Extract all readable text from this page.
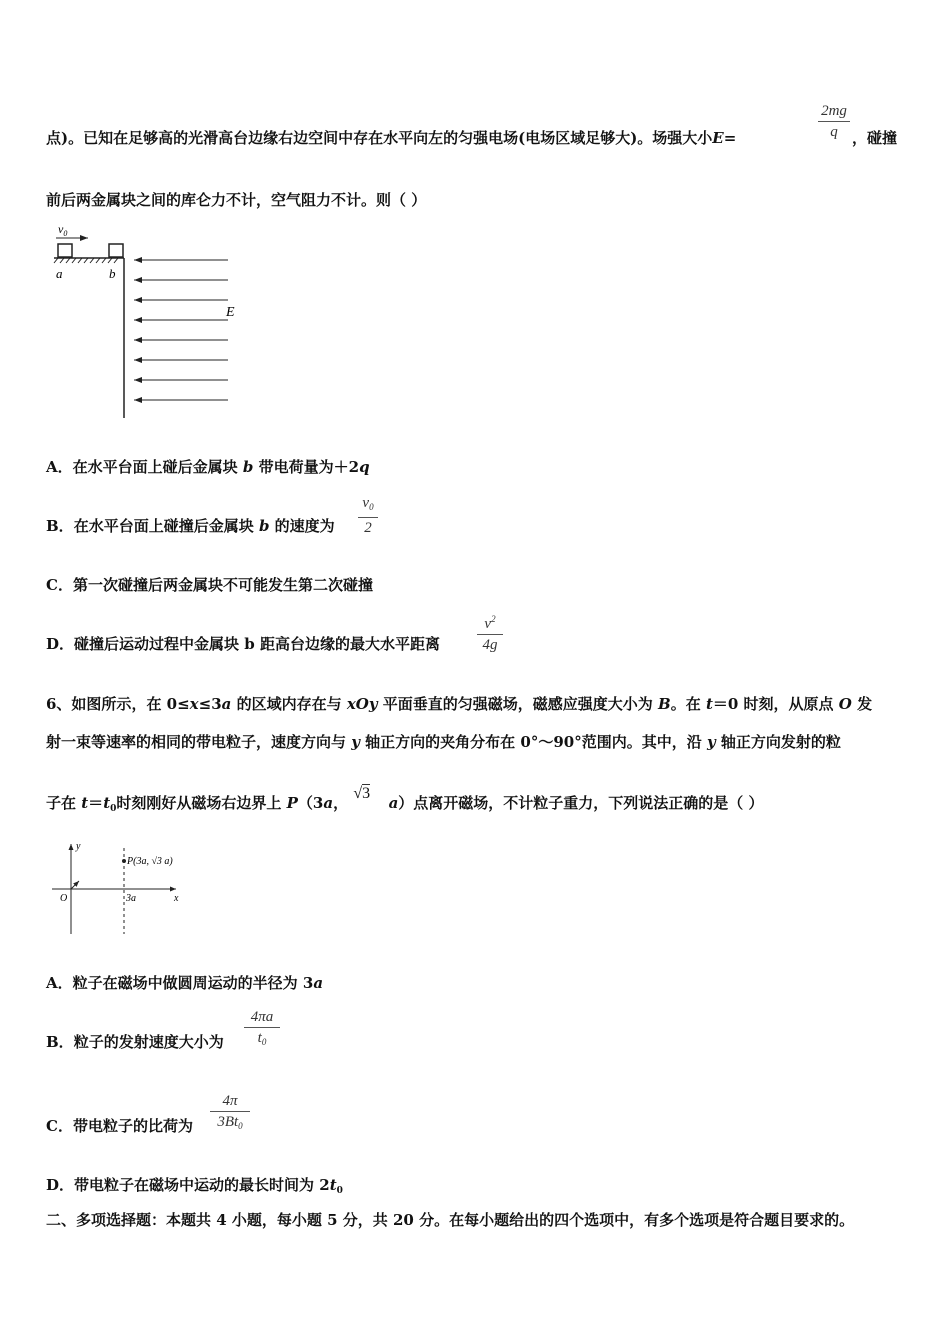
点)。已知在足够高的光滑高台边缘右边空间中存在水平向左的匀强电场(电场区域足够大)。场强大小E=
2mg
q ，碰撞
前后两金属块之间的库仑力不计，空气阻力不计。则（ ）
$v_0$
a	b
E
A．在水平台面上碰后金属块 b 带电荷量为＋2q
B．在水平台面上碰撞后金属块 b 的速度为
$v_0$
2
C．第一次碰撞后两金属块不可能发生第二次碰撞
D．碰撞后运动过程中金属块 b 距高台边缘的最大水平距离
$v^2$
4g
6、如图所示，在 0≤x≤3a 的区域内存在与 xOy 平面垂直的匀强磁场，磁感应强度大小为 B。在 t＝0 时刻，从原点 O 发
射一束等速率的相同的带电粒子，速度方向与 y 轴正方向的夹角分布在 0°～90°范围内。其中，沿 y 轴正方向发射的粒
子在 $t=t_0$时刻刚好从磁场右边界上 P（3a， √3 a）点离开磁场，不计粒子重力，下列说法正确的是（ ）
y
x
O
P(3a, √3 a)
3a
A．粒子在磁场中做圆周运动的半径为 3a
B．粒子的发射速度大小为
4πa
$t_0$
C．带电粒子的比荷为
4π
$3Bt_0$
D．带电粒子在磁场中运动的最长时间为 $2t_0$
二、多项选择题：本题共 4 小题，每小题 5 分，共 20 分。在每小题给出的四个选项中，有多个选项是符合题目要求的。
